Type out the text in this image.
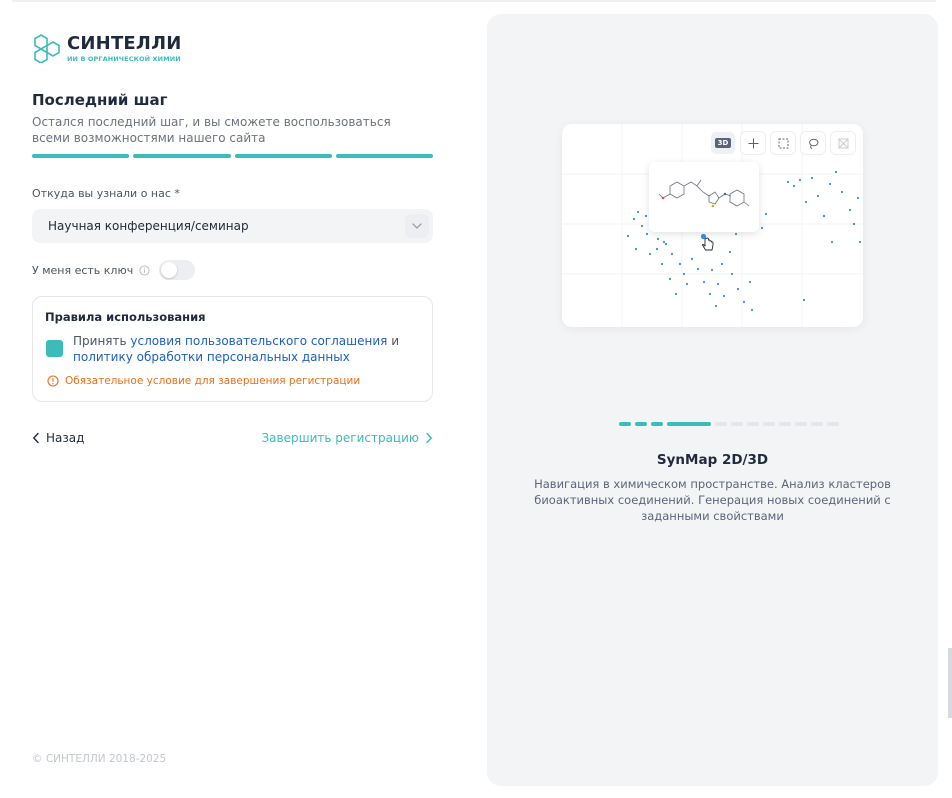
СИНТЕЛЛИ
ИИ В ОРГАНИЧЕСКОЙ ХИМИИ
Последний шаг
Остался последний шаг, и вы сможете воспользоваться всеми возможностями нашего сайта
Откуда вы узнали о нас *
Научная конференция/семинар
У меня есть ключ
Правила использования
Принять условия пользовательского соглашения и политику обработки персональных данных
Обязательное условие для завершения регистрации
Назад	Завершить регистрацию
© СИНТЕЛЛИ 2018-2025
3D
SynMap 2D/3D
Навигация в химическом пространстве. Анализ кластеров биоактивных соединений. Генерация новых соединений с заданными свойствами
